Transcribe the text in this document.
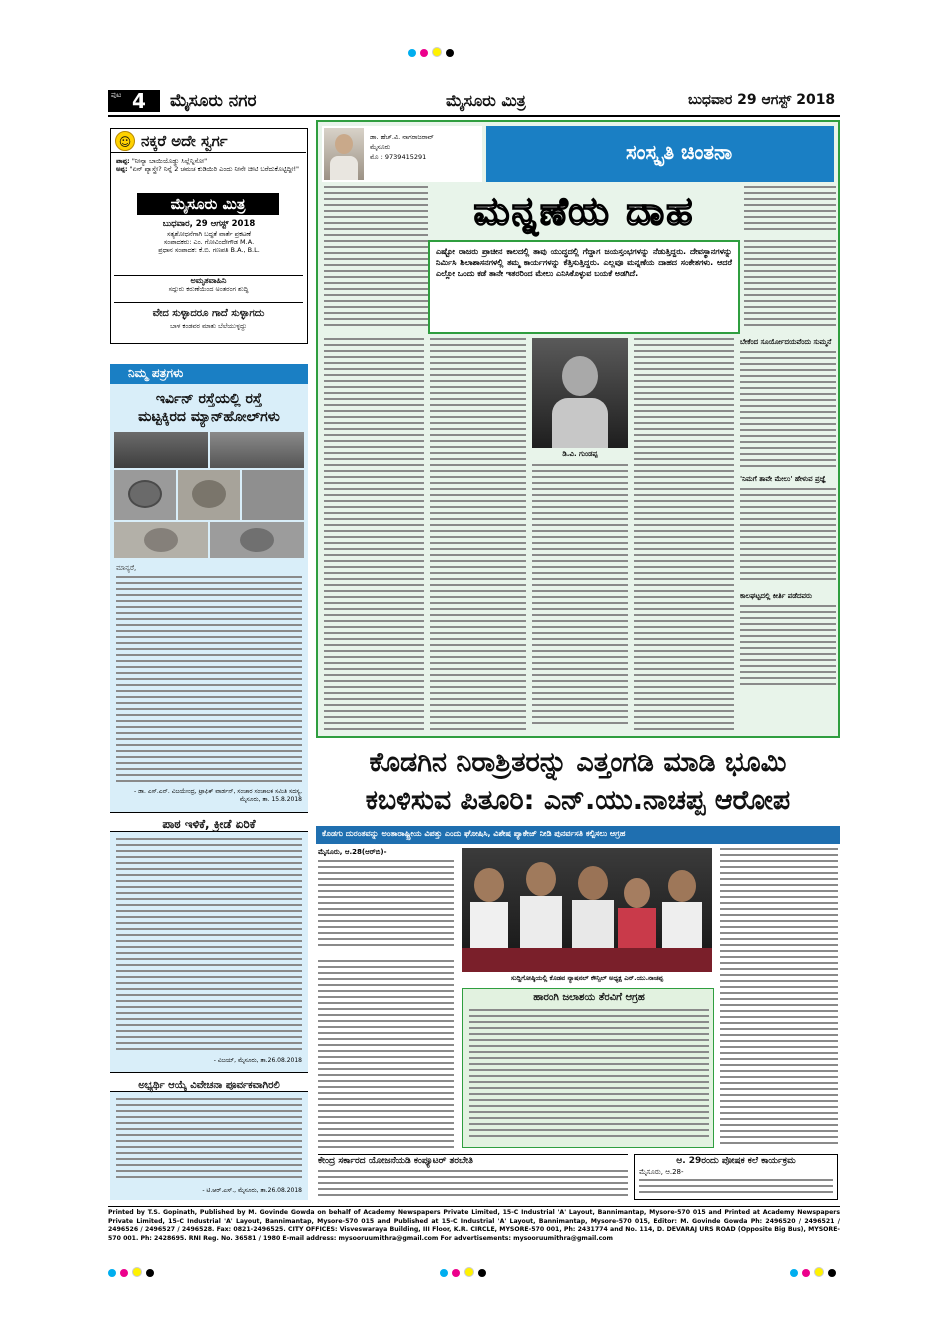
ಪುಟ 4 ಮೈಸೂರು ನಗರ	ಮೈಸೂರು ಮಿತ್ರ	ಬುಧವಾರ 29 ಆಗಸ್ಟ್ 2018
☺ ನಕ್ಕರೆ ಅದೇ ಸ್ವರ್ಗ
ಪಾಪ್ಪ: "ನೀನ್ಯಾ ಬಾಯಿಯೊಡ್ಡು ಸಿಲ್ಲೆನ್ನಿಸೋ"
ಅಪ್ಪ: "ಏನ್ ಪ್ಯಾಸ್ತ್ರೇ? ನಿನ್ನೆ 2 ಚಮಚ ಕುಡಿಯಿರಿ ಎಂದು ನೀನೇ ಚೀಟಿ ಬರೆದುಕೊಟ್ಟಿದ್ದೀ!"
ಮೈಸೂರು ಮಿತ್ರ
ಬುಧವಾರ, 29 ಆಗಸ್ಟ್ 2018
ಸತ್ಯಶೋಧನೆಗಾಗಿ ಬದ್ಧತೆ ವಾರ್ತೆ ಪ್ರಕಟಣೆ
ಸಂಪಾದಕರು: ಎಂ. ಗೋವಿಂದೇಗೌಡ M.A.
ಪ್ರಧಾನ ಸಂಪಾದಕ: ಕೆ.ಬಿ. ಗಣಪತಿ B.A., B.L.
ಅಮೃತವಾಹಿನಿ
ಸದ್ಗುರು ಕರುಣೆಯಿಂದ ಅಂತರಂಗ ಶುದ್ಧಿ
ವೇದ ಸುಳ್ಳಾದರೂ ಗಾದೆ ಸುಳ್ಳಾಗದು
ಬಾಳ ಕಂಡವರ ಮಾತು ಬೆಲೆಯುಳ್ಳದ್ದು
ನಿಮ್ಮ ಪತ್ರಗಳು
ಇರ್ವಿನ್ ರಸ್ತೆಯಲ್ಲಿ ರಸ್ತೆ
ಮಟ್ಟಕ್ಕಿರದ ಮ್ಯಾನ್‌ಹೋಲ್‌ಗಳು
ಮಾನ್ಯರೆ,
- ಡಾ. ಎಸ್.ಎನ್. ವಿಜಯೇಂದ್ರ, ಟ್ರಾಫಿಕ್ ವಾರ್ಡನ್, ಸಂಚಾರ ಸಂಚಾಲಕ ಸಮಿತಿ ಸದಸ್ಯ, ಮೈಸೂರು, ತಾ. 15.8.2018
ಪಾಠ ಇಳಿಕೆ, ಕ್ರೀಡೆ ಏರಿಕೆ
- ವಿಜಯ್, ಮೈಸೂರು, ತಾ.26.08.2018
ಅಭ್ಯರ್ಥಿ ಆಯ್ಕೆ ವಿವೇಚನಾ ಪೂರ್ವಕವಾಗಿರಲಿ
- ಟಿ.ಆರ್.ಎಸ್., ಮೈಸೂರು, ತಾ.26.08.2018
ಡಾ. ಹೆಚ್.ವಿ. ನಾಗರಾಜರಾವ್
ಮೈಸೂರು
ಮೊ : 9739415291	ಸಂಸ್ಕೃತಿ ಚಿಂತನಾ
ಮನ್ನಣೆಯ ದಾಹ
ಎಷ್ಟೋ ರಾಜರು ಪ್ರಾಚೀನ ಕಾಲದಲ್ಲಿ ತಾವು ಯುದ್ಧದಲ್ಲಿ ಗೆದ್ದಾಗ ಜಯಸ್ತಂಭಗಳನ್ನು ನೆಡುತ್ತಿದ್ದರು. ದೇವಸ್ಥಾನಗಳನ್ನು ನಿರ್ಮಿಸಿ ಶಿಲಾಶಾಸನಗಳಲ್ಲಿ ತಮ್ಮ ಕಾರ್ಯಗಳನ್ನು ಕೆತ್ತಿಸುತ್ತಿದ್ದರು. ಎಲ್ಲವೂ ಮನ್ನಣೆಯ ದಾಹದ ಸಂಕೇತಗಳು. ಆದರೆ ಎಲ್ಲೋ ಒಂದು ಕಡೆ ತಾನೇ ಇತರರಿಂದ ಮೇಲು ಎನಿಸಿಕೊಳ್ಳುವ ಬಯಕೆ ಅಡಗಿದೆ.
ಡಿ.ವಿ. ಗುಂಡಪ್ಪ
ಬೇಕೆಂದ ಸೂರ್ಯೋದಯವೆಂದು ಸುಮ್ಮನೆ
'ನಿಮಗೆ ತಾವೇ ಮೇಲು' ಹೇಳುವ ಪ್ರಜ್ಞೆ
ಕಾಲಘಟ್ಟದಲ್ಲಿ ಕೀರ್ತಿ ಪಡೆದವರು
ಕೊಡಗಿನ ನಿರಾಶ್ರಿತರನ್ನು ಎತ್ತಂಗಡಿ ಮಾಡಿ ಭೂಮಿ
ಕಬಳಿಸುವ ಪಿತೂರಿ: ಎನ್.ಯು.ನಾಚಪ್ಪ ಆರೋಪ
ಕೊಡಗು ದುರಂತವನ್ನು ಅಂತಾರಾಷ್ಟ್ರೀಯ ವಿಪತ್ತು ಎಂದು ಘೋಷಿಸಿ, ವಿಶೇಷ ಪ್ಯಾಕೇಜ್ ನೀಡಿ ಪುನರ್ವಸತಿ ಕಲ್ಪಿಸಲು ಆಗ್ರಹ
ಮೈಸೂರು, ಆ.28(ಆರ್‌ಬಿ)-
ಸುದ್ದಿಗೋಷ್ಠಿಯಲ್ಲಿ ಕೊಡವ ನ್ಯಾಷನಲ್ ಕೌನ್ಸಿಲ್ ಅಧ್ಯಕ್ಷ ಎನ್.ಯು.ನಾಚಪ್ಪ
ಹಾರಂಗಿ ಜಲಾಶಯ ತೆರವಿಗೆ ಆಗ್ರಹ
ಕೇಂದ್ರ ಸರ್ಕಾರದ ಯೋಜನೆಯಡಿ ಕಂಪ್ಯೂಟರ್ ತರಬೇತಿ	ಆ. 29ರಂದು ಪೋಷಕ ಕಲೆ ಕಾರ್ಯಕ್ರಮ
ಮೈಸೂರು, ಆ.28-
Printed by T.S. Gopinath, Published by M. Govinde Gowda on behalf of Academy Newspapers Private Limited, 15-C Industrial 'A' Layout, Bannimantap, Mysore-570 015 and Printed at Academy Newspapers Private Limited, 15-C Industrial 'A' Layout, Bannimantap, Mysore-570 015 and Published at 15-C Industrial 'A' Layout, Bannimantap, Mysore-570 015, Editor: M. Govinde Gowda Ph: 2496520 / 2496521 / 2496526 / 2496527 / 2496528. Fax: 0821-2496525. CITY OFFICES: Visveswaraya Building, III Floor, K.R. CIRCLE, MYSORE-570 001, Ph: 2431774 and No. 114, D. DEVARAJ URS ROAD (Opposite Big Bus), MYSORE-570 001. Ph: 2428695. RNI Reg. No. 36581 / 1980 E-mail address: mysooruumithra@gmail.com For advertisements: mysooruumithra@gmail.com
